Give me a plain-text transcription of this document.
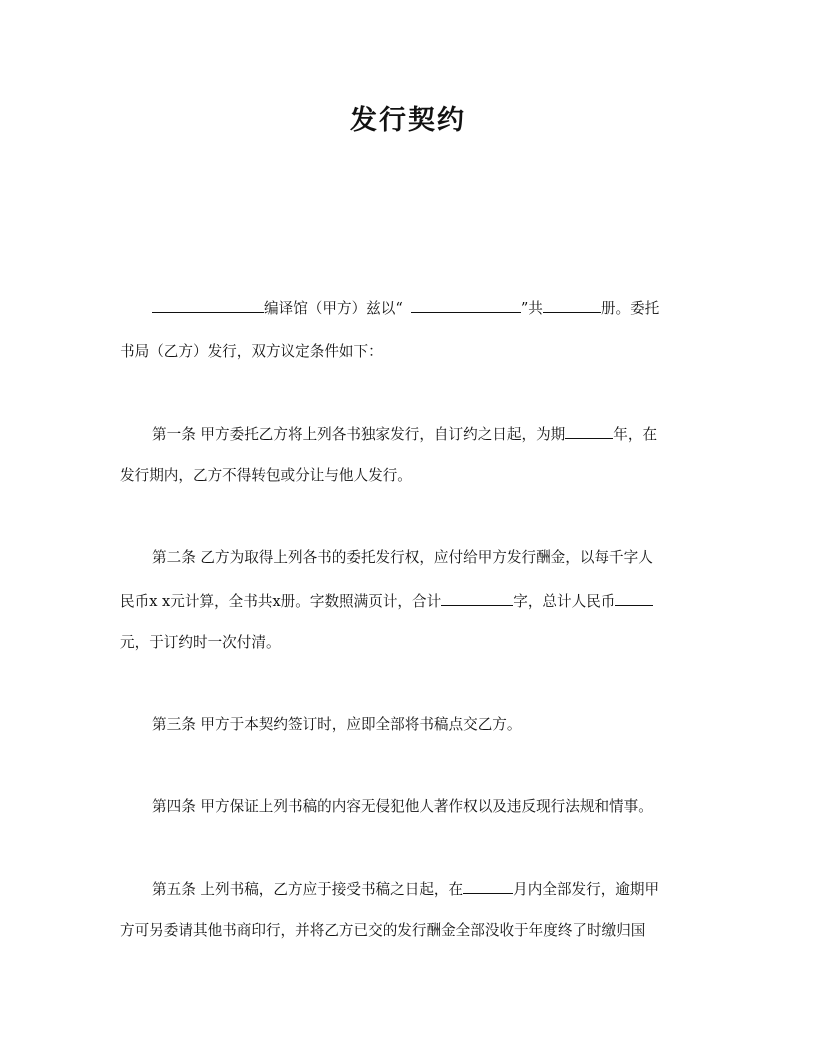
发行契约
编译馆（甲方）兹以“	”共	册。委托
书局（乙方）发行，双方议定条件如下：
第一条 甲方委托乙方将上列各书独家发行，自订约之日起，为期	年，在
发行期内，乙方不得转包或分让与他人发行。
第二条 乙方为取得上列各书的委托发行权，应付给甲方发行酬金，以每千字人
民币x x元计算，全书共x册。字数照满页计，合计	字，总计人民币
元，于订约时一次付清。
第三条 甲方于本契约签订时，应即全部将书稿点交乙方。
第四条 甲方保证上列书稿的内容无侵犯他人著作权以及违反现行法规和情事。
第五条 上列书稿，乙方应于接受书稿之日起，在	月内全部发行，逾期甲
方可另委请其他书商印行，并将乙方已交的发行酬金全部没收于年度终了时缴归国
